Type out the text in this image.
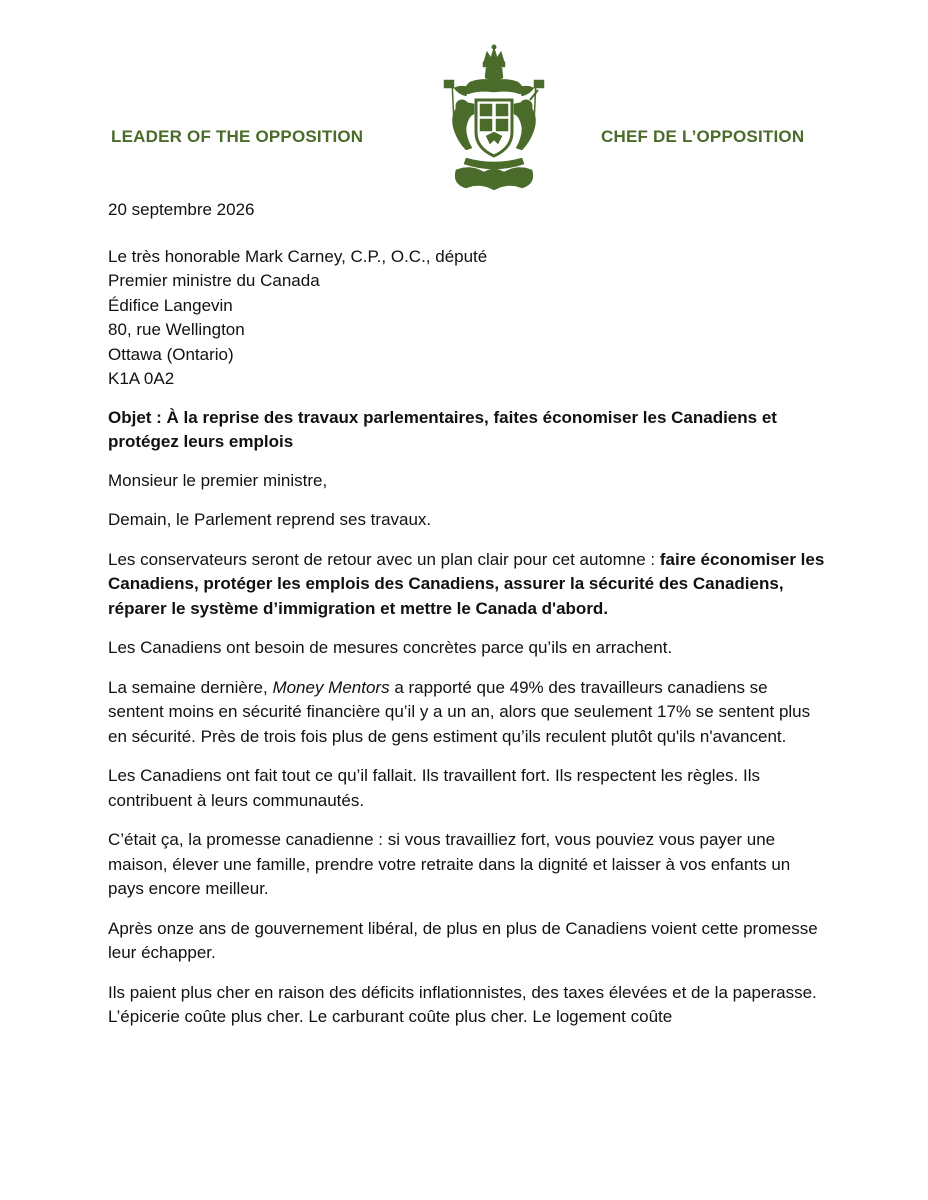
LEADER OF THE OPPOSITION	CHEF DE L’OPPOSITION
20 septembre 2026
Le très honorable Mark Carney, C.P., O.C., député
Premier ministre du Canada
Édifice Langevin
80, rue Wellington
Ottawa (Ontario)
K1A 0A2
Objet : À la reprise des travaux parlementaires, faites économiser les Canadiens et protégez leurs emplois

Monsieur le premier ministre,

Demain, le Parlement reprend ses travaux.

Les conservateurs seront de retour avec un plan clair pour cet automne : faire économiser les Canadiens, protéger les emplois des Canadiens, assurer la sécurité des Canadiens, réparer le système d’immigration et mettre le Canada d'abord.

Les Canadiens ont besoin de mesures concrètes parce qu’ils en arrachent.

La semaine dernière, Money Mentors a rapporté que 49% des travailleurs canadiens se sentent moins en sécurité financière qu’il y a un an, alors que seulement 17% se sentent plus en sécurité. Près de trois fois plus de gens estiment qu’ils reculent plutôt qu'ils n'avancent.

Les Canadiens ont fait tout ce qu’il fallait. Ils travaillent fort. Ils respectent les règles. Ils contribuent à leurs communautés.

C’était ça, la promesse canadienne : si vous travailliez fort, vous pouviez vous payer une maison, élever une famille, prendre votre retraite dans la dignité et laisser à vos enfants un pays encore meilleur.

Après onze ans de gouvernement libéral, de plus en plus de Canadiens voient cette promesse leur échapper.

Ils paient plus cher en raison des déficits inflationnistes, des taxes élevées et de la paperasse. L’épicerie coûte plus cher. Le carburant coûte plus cher. Le logement coûte
